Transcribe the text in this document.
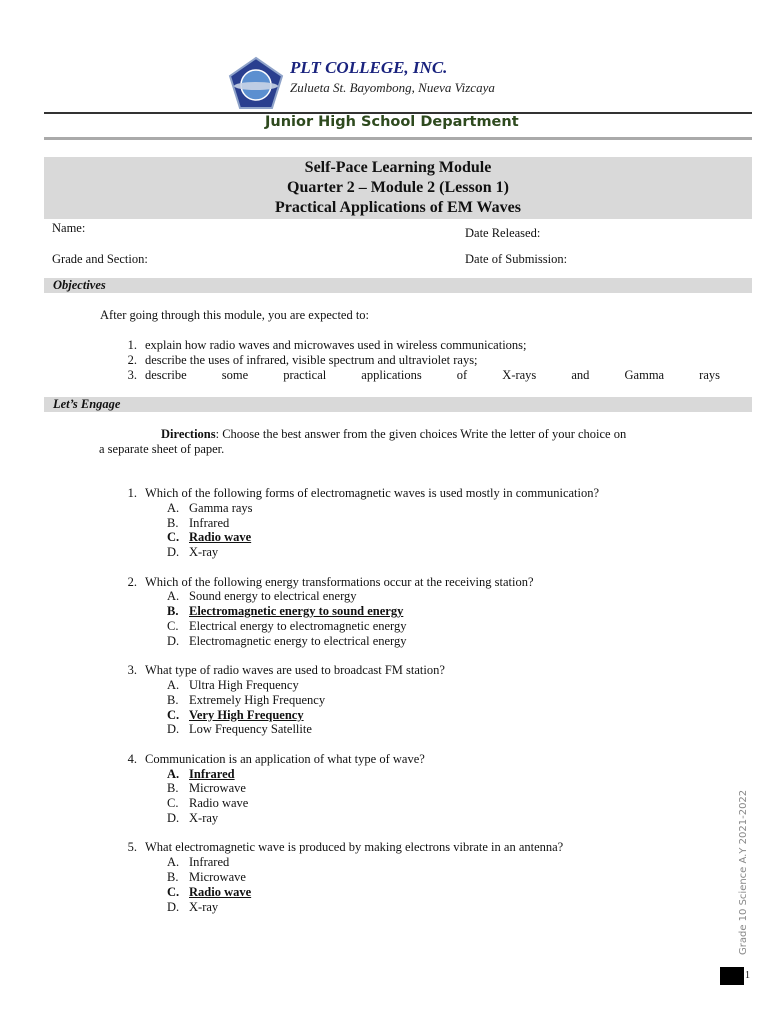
PLT COLLEGE, INC.
Zulueta St. Bayombong, Nueva Vizcaya
Junior High School Department
Self-Pace Learning Module
Quarter 2 – Module 2 (Lesson 1)
Practical Applications of EM Waves
Name:	Date Released:
Grade and Section:	Date of Submission:
Objectives
After going through this module, you are expected to:
1. explain how radio waves and microwaves used in wireless communications;
2. describe the uses of infrared, visible spectrum and ultraviolet rays;
3. describe some practical applications of X-rays and Gamma rays
Let’s Engage
Directions: Choose the best answer from the given choices Write the letter of your choice on
a separate sheet of paper.
1. Which of the following forms of electromagnetic waves is used mostly in communication?
A. Gamma rays
B. Infrared
C. Radio wave
D. X-ray
2. Which of the following energy transformations occur at the receiving station?
A. Sound energy to electrical energy
B. Electromagnetic energy to sound energy
C. Electrical energy to electromagnetic energy
D. Electromagnetic energy to electrical energy
3. What type of radio waves are used to broadcast FM station?
A. Ultra High Frequency
B. Extremely High Frequency
C. Very High Frequency
D. Low Frequency Satellite
4. Communication is an application of what type of wave?
A. Infrared
B. Microwave
C. Radio wave
D. X-ray
5. What electromagnetic wave is produced by making electrons vibrate in an antenna?
A. Infrared
B. Microwave
C. Radio wave
D. X-ray	Grade 10 Science A.Y 2021-2022
1
